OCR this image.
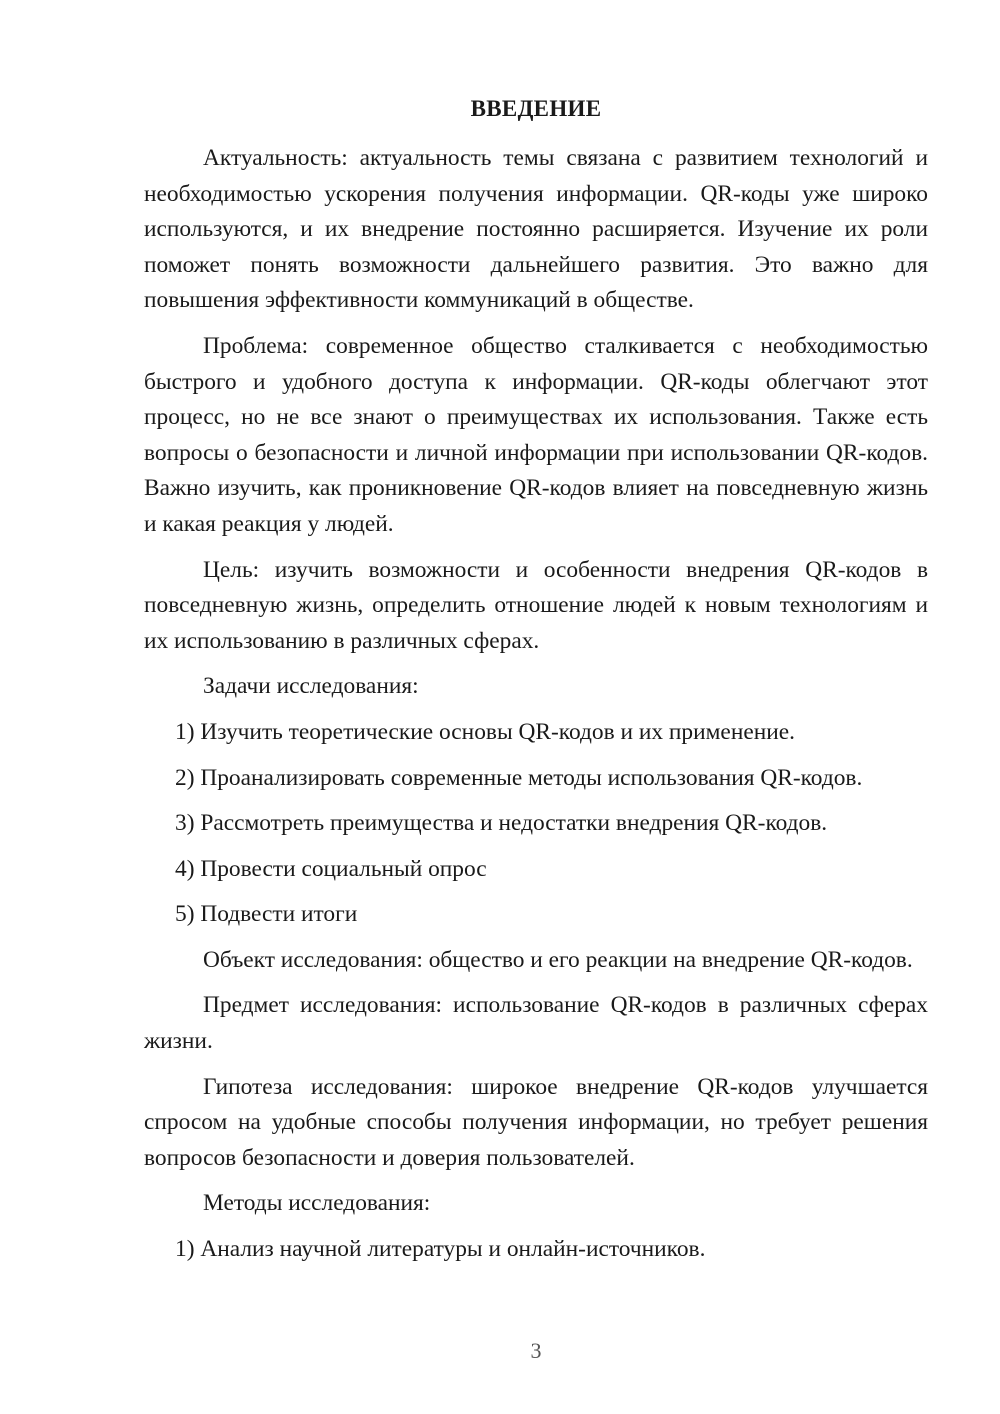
ВВЕДЕНИЕ

Актуальность: актуальность темы связана с развитием технологий и необходимостью ускорения получения информации. QR-коды уже широко используются, и их внедрение постоянно расширяется. Изучение их роли поможет понять возможности дальнейшего развития. Это важно для повышения эффективности коммуникаций в обществе.

Проблема: современное общество сталкивается с необходимостью быстрого и удобного доступа к информации. QR-коды облегчают этот процесс, но не все знают о преимуществах их использования. Также есть вопросы о безопасности и личной информации при использовании QR-кодов. Важно изучить, как проникновение QR-кодов влияет на повседневную жизнь и какая реакция у людей.

Цель: изучить возможности и особенности внедрения QR-кодов в повседневную жизнь, определить отношение людей к новым технологиям и их использованию в различных сферах.

Задачи исследования:

1) Изучить теоретические основы QR-кодов и их применение.

2) Проанализировать современные методы использования QR-кодов.

3) Рассмотреть преимущества и недостатки внедрения QR-кодов.

4) Провести социальный опрос

5) Подвести итоги

Объект исследования: общество и его реакции на внедрение QR-кодов.

Предмет исследования: использование QR-кодов в различных сферах жизни.

Гипотеза исследования: широкое внедрение QR-кодов улучшается спросом на удобные способы получения информации, но требует решения вопросов безопасности и доверия пользователей.

Методы исследования:

1) Анализ научной литературы и онлайн-источников.

3
